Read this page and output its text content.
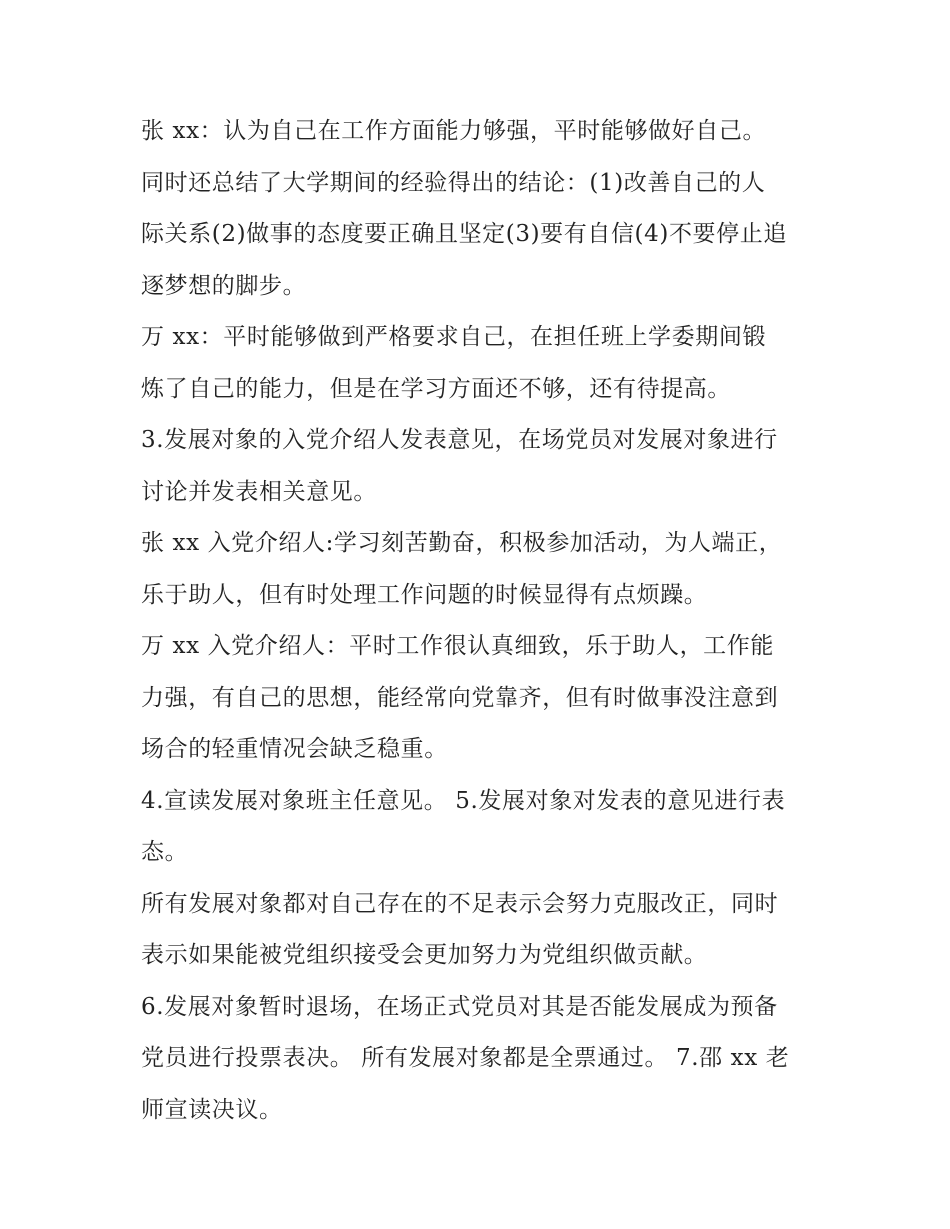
张 xx：认为自己在工作方面能力够强，平时能够做好自己。
同时还总结了大学期间的经验得出的结论：(1)改善自己的人
际关系(2)做事的态度要正确且坚定(3)要有自信(4)不要停止追
逐梦想的脚步。
万 xx：平时能够做到严格要求自己，在担任班上学委期间锻
炼了自己的能力，但是在学习方面还不够，还有待提高。
3.发展对象的入党介绍人发表意见，在场党员对发展对象进行
讨论并发表相关意见。
张 xx 入党介绍人:学习刻苦勤奋，积极参加活动，为人端正，
乐于助人，但有时处理工作问题的时候显得有点烦躁。
万 xx 入党介绍人：平时工作很认真细致，乐于助人，工作能
力强，有自己的思想，能经常向党靠齐，但有时做事没注意到
场合的轻重情况会缺乏稳重。
4.宣读发展对象班主任意见。 5.发展对象对发表的意见进行表
态。
所有发展对象都对自己存在的不足表示会努力克服改正，同时
表示如果能被党组织接受会更加努力为党组织做贡献。
6.发展对象暂时退场，在场正式党员对其是否能发展成为预备
党员进行投票表决。 所有发展对象都是全票通过。 7.邵 xx 老
师宣读决议。
